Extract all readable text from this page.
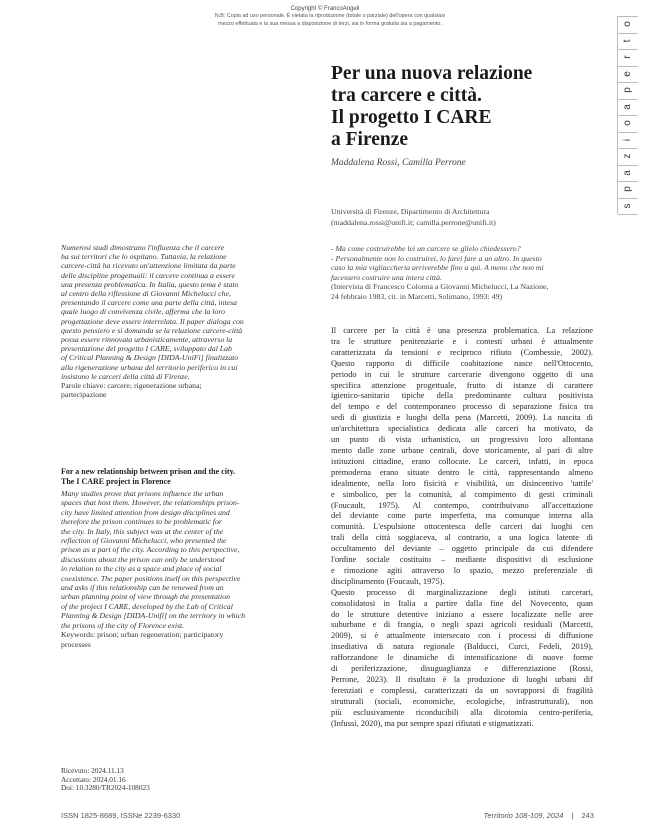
Copyright © FrancoAngeli
N.B: Copia ad uso personale. È vietata la riproduzione (totale o parziale) dell'opera con qualsiasi
mezzo effettuata e la sua messa a disposizione di terzi, sia in forma gratuita sia a pagamento.	o
t
r
e
p
a
o
i
z
a
p
s
Per una nuova relazione
tra carcere e città.
Il progetto I CARE
a Firenze
Maddalena Rossi, Camilla Perrone
Università di Firenze, Dipartimento di Architettura
(maddalena.rossi@unifi.it; camilla.perrone@unifi.it)
- Ma come costruirebbe lei un carcere se glielo chiedessero?
- Personalmente non lo costruirei, lo farei fare a un altro. In questo
caso la mia vigliaccheria arriverebbe fino a qui. A meno che non mi
facessero costruire una intera città.
(Intervista di Francesco Colonna a Giovanni Michelucci, La Nazione,
24 febbraio 1983, cit. in Marcetti, Solimano, 1993: 49)
Numerosi studi dimostrano l'influenza che il carcere
ha sui territori che lo ospitano. Tuttavia, la relazione
carcere-città ha ricevuto un'attenzione limitata da parte
delle discipline progettuali: il carcere continua a essere
una presenza problematica. In Italia, questo tema è stato
al centro della riflessione di Giovanni Michelucci che,
presentando il carcere come una parte della città, intesa
quale luogo di convivenza civile, afferma che la loro
progettazione deve essere interrelata. Il paper dialoga con
questo pensiero e si domanda se la relazione carcere-città
possa essere rinnovata urbanisticamente, attraverso la
presentazione del progetto I CARE, sviluppato dal Lab
of Critical Planning & Design [DIDA-UniFi] finalizzato
alla rigenerazione urbana del territorio periferico in cui
insistono le carceri della città di Firenze.
Parole chiave: carcere; rigenerazione urbana;
partecipazione
For a new relationship between prison and the city.
The I CARE project in Florence
Many studies prove that prisons influence the urban
spaces that host them. However, the relationships prison-
city have limited attention from design disciplines and
therefore the prison continues to be problematic for
the city. In Italy, this subject was at the center of the
reflection of Giovanni Michelucci, who presented the
prison as a part of the city. According to this perspective,
discussions about the prison can only be understood
in relation to the city as a space and place of social
coexistence. The paper positions itself on this perspective
and asks if this relationship can be renewed from an
urban planning point of view through the presentation
of the project I CARE, developed by the Lab of Critical
Planning & Design [DIDA-Unifi] on the territory in which
the prisons of the city of Florence exist.
Keywords: prison; urban regeneration; participatory
processes
Ricevuto: 2024.11.13
Accettato: 2024.01.16
Doi: 10.3280/TR2024-108023
Il carcere per la città è una presenza problematica. La relazione
tra le strutture penitenziarie e i contesti urbani è attualmente
caratterizzata da tensioni e reciproco rifiuto (Combessie, 2002).
Questo rapporto di difficile coabitazione nasce nell'Ottocento,
periodo in cui le strutture carcerarie divengono oggetto di una
specifica attenzione progettuale, frutto di istanze di carattere
igienico-sanitario tipiche della predominante cultura positivista
del tempo e del contemporaneo processo di separazione fisica tra
sedi di giustizia e luoghi della pena (Marcetti, 2009). La nascita di
un'architettura specialistica dedicata alle carceri ha motivato, da
un punto di vista urbanistico, un progressivo loro allontana
mento dalle zone urbane centrali, dove storicamente, al pari di altre
istituzioni cittadine, erano collocate. Le carceri, infatti, in epoca
premoderna erano situate dentro le città, rappresentando almeno
idealmente, nella loro fisicità e visibilità, un disincentivo 'tattile'
e simbolico, per la comunità, al compimento di gesti criminali
(Foucault, 1975). Al contempo, contribuivano all'accettazione
del deviante come parte imperfetta, ma comunque interna alla
comunità. L'espulsione ottocentesca delle carceri dai luoghi cen
trali della città soggiaceva, al contrario, a una logica latente di
occultamento del deviante – oggetto principale da cui difendere
l'ordine sociale costituito – mediante dispositivi di esclusione
e rimozione agiti attraverso lo spazio, mezzo preferenziale di
disciplinamento (Foucault, 1975).
Questo processo di marginalizzazione degli istituti carcerari,
consolidatosi in Italia a partire dalla fine del Novecento, quan
do le strutture detentive iniziano a essere localizzate nelle aree
suburbane e di frangia, o negli spazi agricoli residuali (Marcetti,
2009), si è attualmente intersecato con i processi di diffusione
insediativa di natura regionale (Balducci, Curci, Fedeli, 2019),
rafforzandone le dinamiche di intensificazione di nuove forme
di periferizzazione, disuguaglianza e differenziazione (Rossi,
Perrone, 2023). Il risultato è la produzione di luoghi urbani dif
ferenziati e complessi, caratterizzati da un sovrapporsi di fragilità
strutturali (sociali, economiche, ecologiche, infrastrutturali), non
più esclusivamente riconducibili alla dicotomia centro-periferia,
(Infussi, 2020), ma pur sempre spazi rifiutati e stigmatizzati.
ISSN 1825-8689, ISSNe 2239-6330	Territorio 108-109, 2024 | 243
